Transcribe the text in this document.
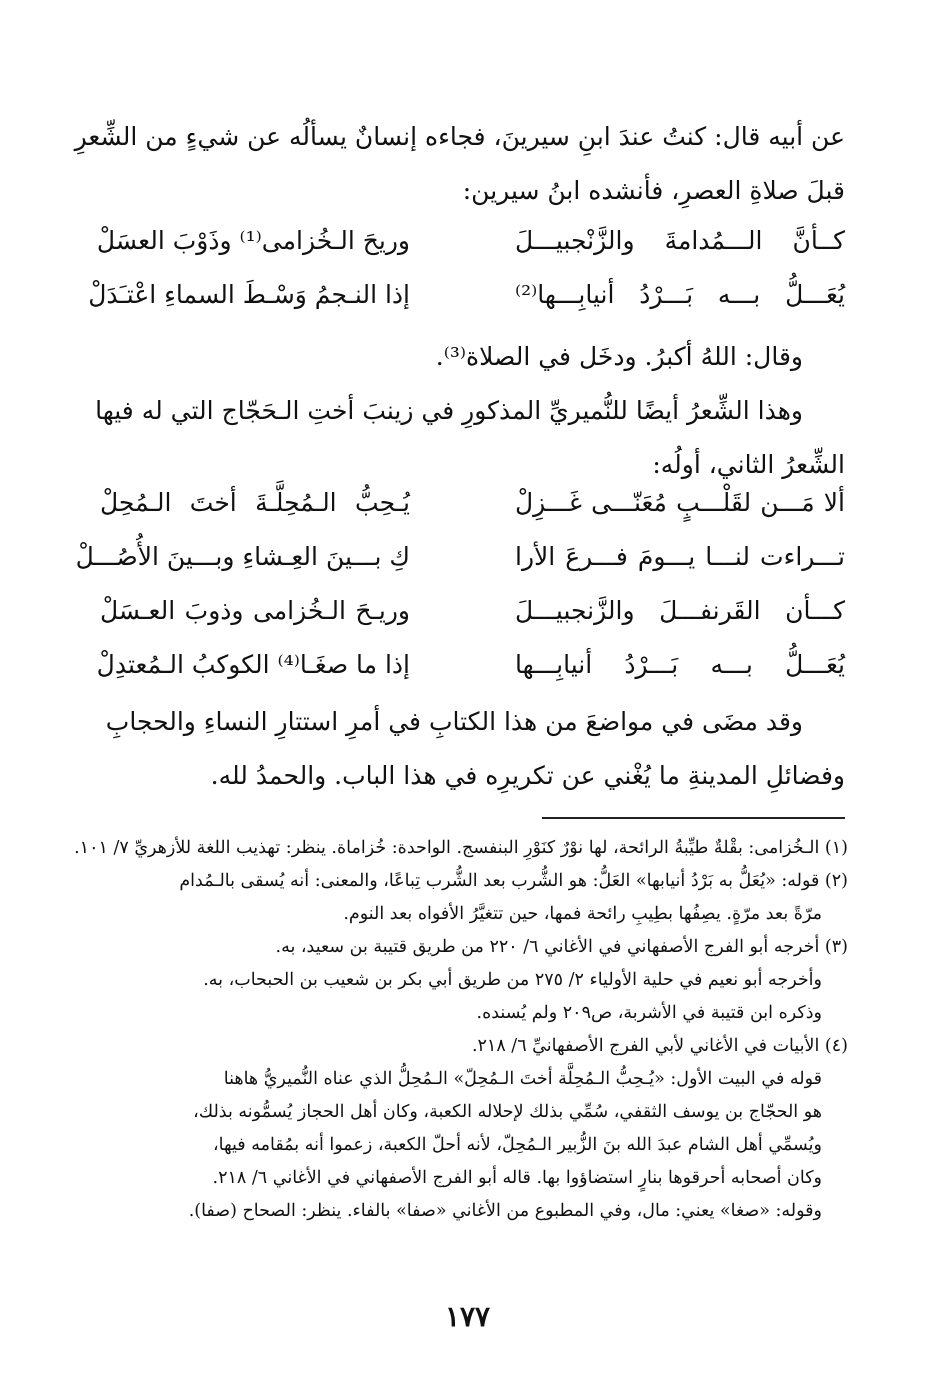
عن أبيه قال: كنتُ عندَ ابنِ سيرينَ، فجاءه إنسانٌ يسألُه عن شيءٍ من الشِّعرِ
قبلَ صلاةِ العصرِ، فأنشده ابنُ سيرين:
كــأنَّ الـــمُدامةَ والزَّنْجبيـــلَ
وريحَ الـخُزامى⁽¹⁾ وذَوْبَ العسَلْ
يُعَـــلُّ بـــه بَـــرْدُ أنيابِـــها⁽²⁾
إذا النـجمُ وَسْـطَ السماءِ اعْتـَدَلْ
وقال: اللهُ أكبرُ. ودخَل في الصلاة⁽³⁾.
وهذا الشِّعرُ أيضًا للنُّميريِّ المذكورِ في زينبَ أختِ الـحَجّاج التي له فيها
الشِّعرُ الثاني، أولُه:
ألا مَـــن لقَلْـــبٍ مُعَنّـــى غَـــزِلْ
يُـحِبُّ الـمُحِلَّـةَ أختَ الـمُحِلْ
تـــراءت لنـــا يـــومَ فـــرعَ الأرا
كِ بـــينَ العِـشاءِ وبـــينَ الأُصُـــلْ
كـــأن القَرنفـــلَ والزَّنجبيـــلَ
وريـحَ الـخُزامى وذوبَ العـسَلْ
يُعَـــلُّ بـــه بَـــرْدُ أنيابِـــها
إذا ما صغَـا⁽⁴⁾ الكوكبُ الـمُعتدِلْ
وقد مضَى في مواضعَ من هذا الكتابِ في أمرِ استتارِ النساءِ والحجابِ
وفضائلِ المدينةِ ما يُغْني عن تكريرِه في هذا الباب. والحمدُ لله.
(١) الـخُزامى: بقْلةٌ طيِّبةُ الرائحة، لها نوْرٌ كنَوْرِ البنفسج. الواحدة: خُزاماة. ينظر: تهذيب اللغة للأزهريِّ ٧/ ١٠١.
(٢) قوله: «يُعَلُّ به بَرْدُ أنيابها» العَلُّ: هو الشُّرب بعد الشُّرب تِباعًا، والمعنى: أنه يُسقى بالـمُدام
مرّةً بعد مرّةٍ. يصِفُها بطِيبِ رائحة فمها، حين تتغيَّرُ الأفواه بعد النوم.
(٣) أخرجه أبو الفرج الأصفهاني في الأغاني ٦/ ٢٢٠ من طريق قتيبة بن سعيد، به.
وأخرجه أبو نعيم في حلية الأولياء ٢/ ٢٧٥ من طريق أبي بكر بن شعيب بن الحبحاب، به.
وذكره ابن قتيبة في الأشربة، ص٢٠٩ ولم يُسنده.
(٤) الأبيات في الأغاني لأبي الفرج الأصفهانيِّ ٦/ ٢١٨.
قوله في البيت الأول: «يُـحِبُّ الـمُحِلَّة أختَ الـمُحِلّ» الـمُحِلُّ الذي عناه النُّميريُّ هاهنا
هو الحجّاج بن يوسف الثقفي، سُمِّي بذلك لإحلاله الكعبة، وكان أهل الحجاز يُسمُّونه بذلك،
ويُسمِّي أهل الشام عبدَ الله بنَ الزُّبير الـمُحِلّ، لأنه أحلّ الكعبة، زعموا أنه بمُقامه فيها،
وكان أصحابه أحرقوها بنارٍ استضاؤوا بها. قاله أبو الفرج الأصفهاني في الأغاني ٦/ ٢١٨.
وقوله: «صغا» يعني: مال، وفي المطبوع من الأغاني «صفا» بالفاء. ينظر: الصحاح (صفا).
١٧٧
